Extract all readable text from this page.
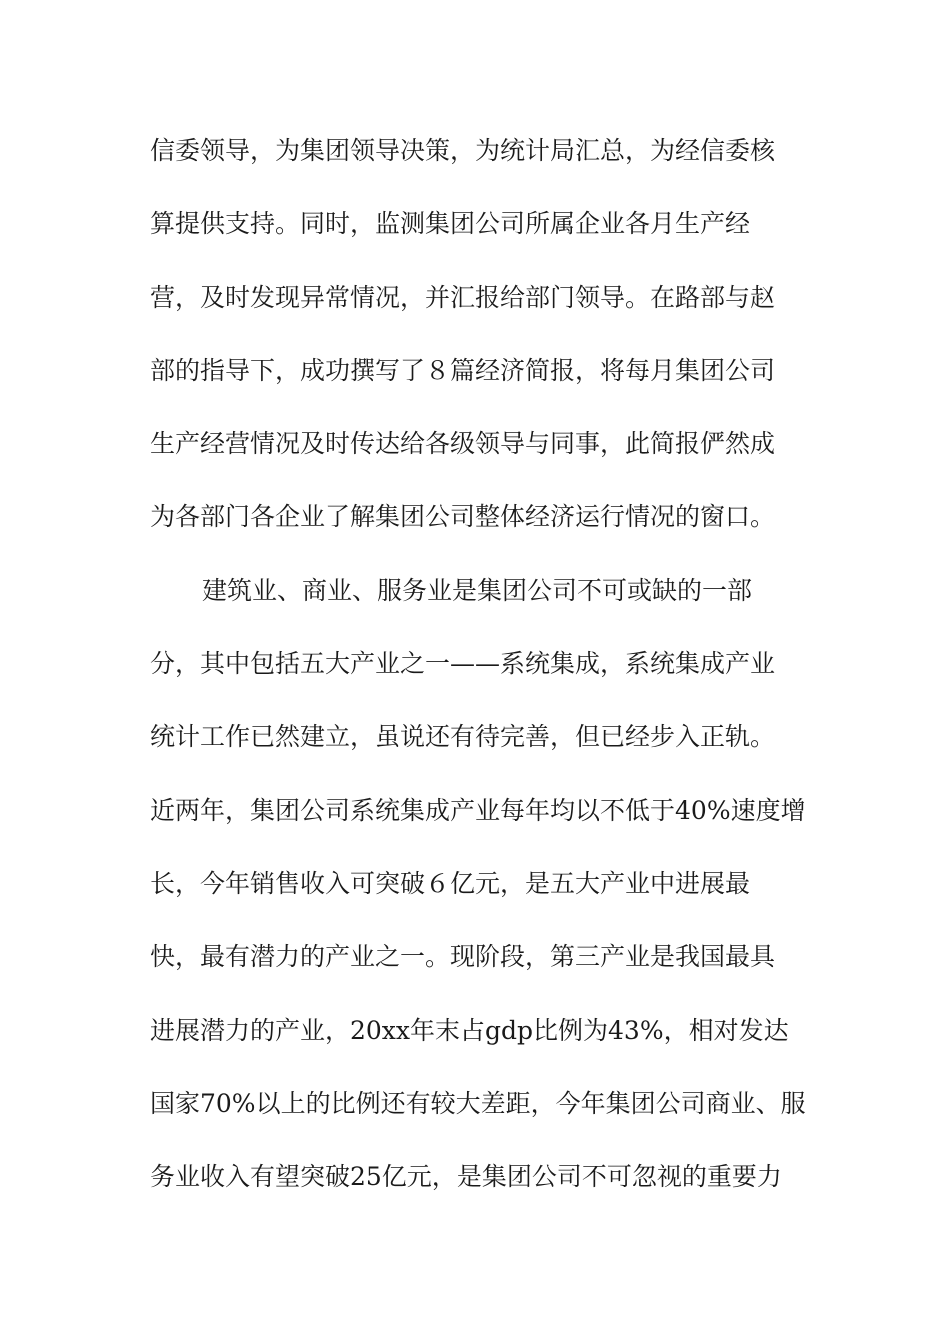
信委领导，为集团领导决策，为统计局汇总，为经信委核
算提供支持。同时，监测集团公司所属企业各月生产经
营，及时发现异常情况，并汇报给部门领导。在路部与赵
部的指导下，成功撰写了８篇经济简报，将每月集团公司
生产经营情况及时传达给各级领导与同事，此简报俨然成
为各部门各企业了解集团公司整体经济运行情况的窗口。
建筑业、商业、服务业是集团公司不可或缺的一部
分，其中包括五大产业之一——系统集成，系统集成产业
统计工作已然建立，虽说还有待完善，但已经步入正轨。
近两年，集团公司系统集成产业每年均以不低于40%速度增
长，今年销售收入可突破６亿元，是五大产业中进展最
快，最有潜力的产业之一。现阶段，第三产业是我国最具
进展潜力的产业，20xx年末占gdp比例为43%，相对发达
国家70%以上的比例还有较大差距，今年集团公司商业、服
务业收入有望突破25亿元，是集团公司不可忽视的重要力
